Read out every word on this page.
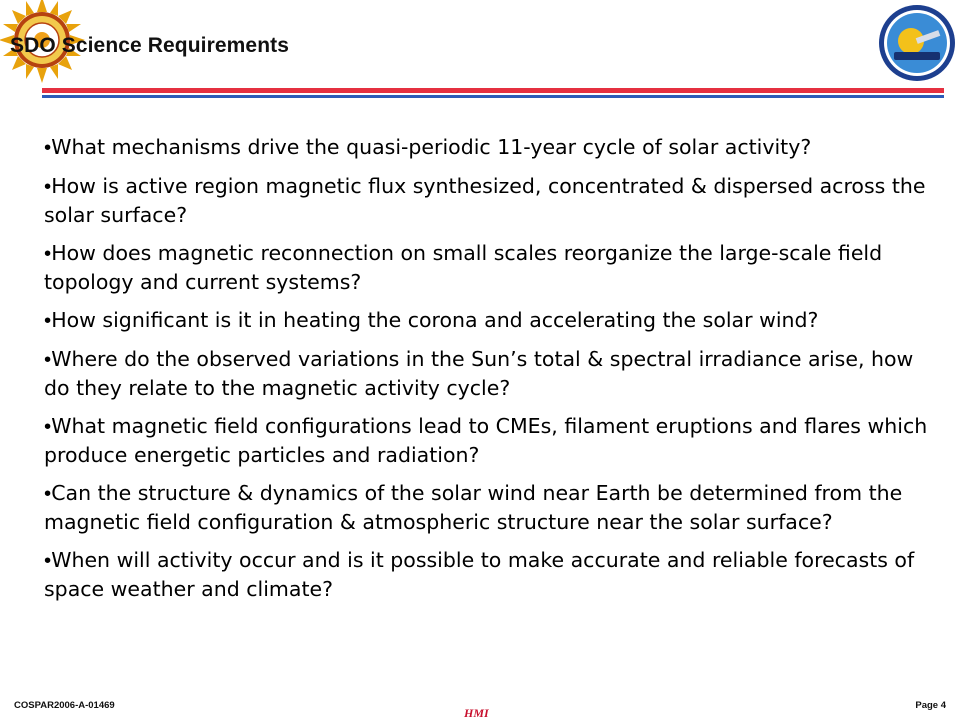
SDO Science Requirements
•What mechanisms drive the quasi-periodic 11-year cycle of solar activity?
•How is active region magnetic flux synthesized, concentrated & dispersed across the solar surface?
•How does magnetic reconnection on small scales reorganize the large-scale field topology and current systems?
•How significant is it in heating the corona and accelerating the solar wind?
•Where do the observed variations in the Sun’s total & spectral irradiance arise, how do they relate to the magnetic activity cycle?
•What magnetic field configurations lead to CMEs, filament eruptions and flares which produce energetic particles and radiation?
•Can the structure & dynamics of the solar wind near Earth be determined from the magnetic field configuration & atmospheric structure near the solar surface?
•When will activity occur and is it possible to make accurate and reliable forecasts of space weather and climate?
COSPAR2006-A-01469
HMI
Page 4
